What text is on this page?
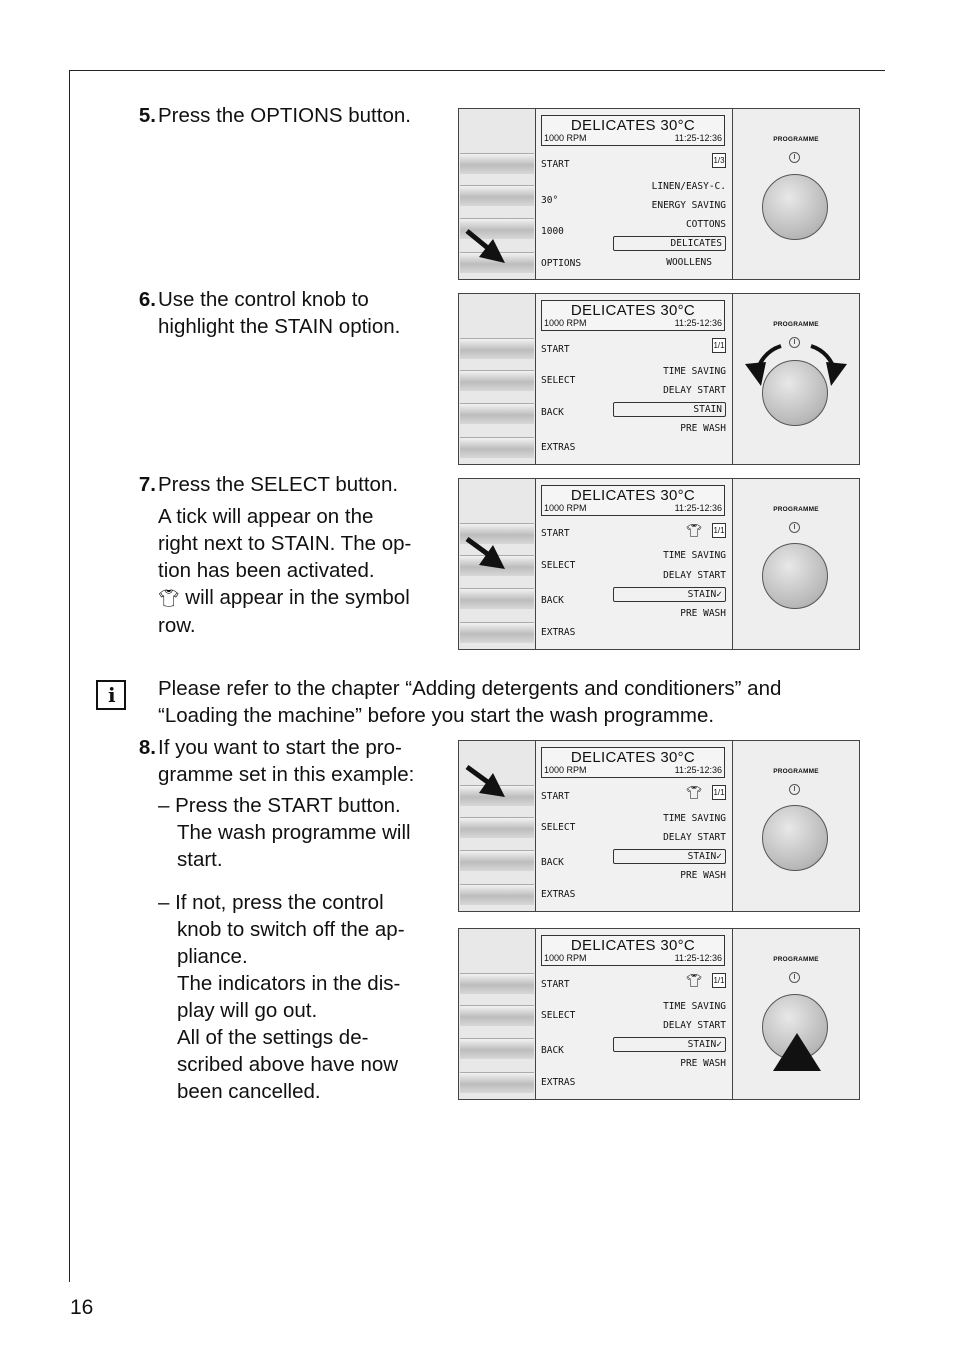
5. Press the OPTIONS button.
6. Use the control knob to
highlight the STAIN option.
7. Press the SELECT button.
A tick will appear on the
right next to STAIN. The op-
tion has been activated.
👕︎ will appear in the symbol
row.
i Please refer to the chapter “Adding detergents and conditioners” and
“Loading the machine” before you start the wash programme.
8. If you want to start the pro-
gramme set in this example:
– Press the START button.
The wash programme will
start.
– If not, press the control
knob to switch off the ap-
pliance.
The indicators in the dis-
play will go out.
All of the settings de-
scribed above have now
been cancelled.
DELICATES 30°C
1000 RPM	11:25-12:36
1/3
START
30°
1000
OPTIONS
LINEN/EASY-C.
ENERGY SAVING
COTTONS
DELICATES
WOOLLENS
PROGRAMME
DELICATES 30°C
1000 RPM	11:25-12:36
1/1
START
SELECT
BACK
EXTRAS
TIME SAVING
DELAY START
STAIN
PRE WASH
PROGRAMME
DELICATES 30°C
1000 RPM	11:25-12:36
👕︎ 1/1
START
SELECT
BACK
EXTRAS
TIME SAVING
DELAY START
STAIN✓
PRE WASH
PROGRAMME
DELICATES 30°C
1000 RPM	11:25-12:36
👕︎ 1/1
START
SELECT
BACK
EXTRAS
TIME SAVING
DELAY START
STAIN✓
PRE WASH
PROGRAMME
DELICATES 30°C
1000 RPM	11:25-12:36
👕︎ 1/1
START
SELECT
BACK
EXTRAS
TIME SAVING
DELAY START
STAIN✓
PRE WASH
PROGRAMME
16
